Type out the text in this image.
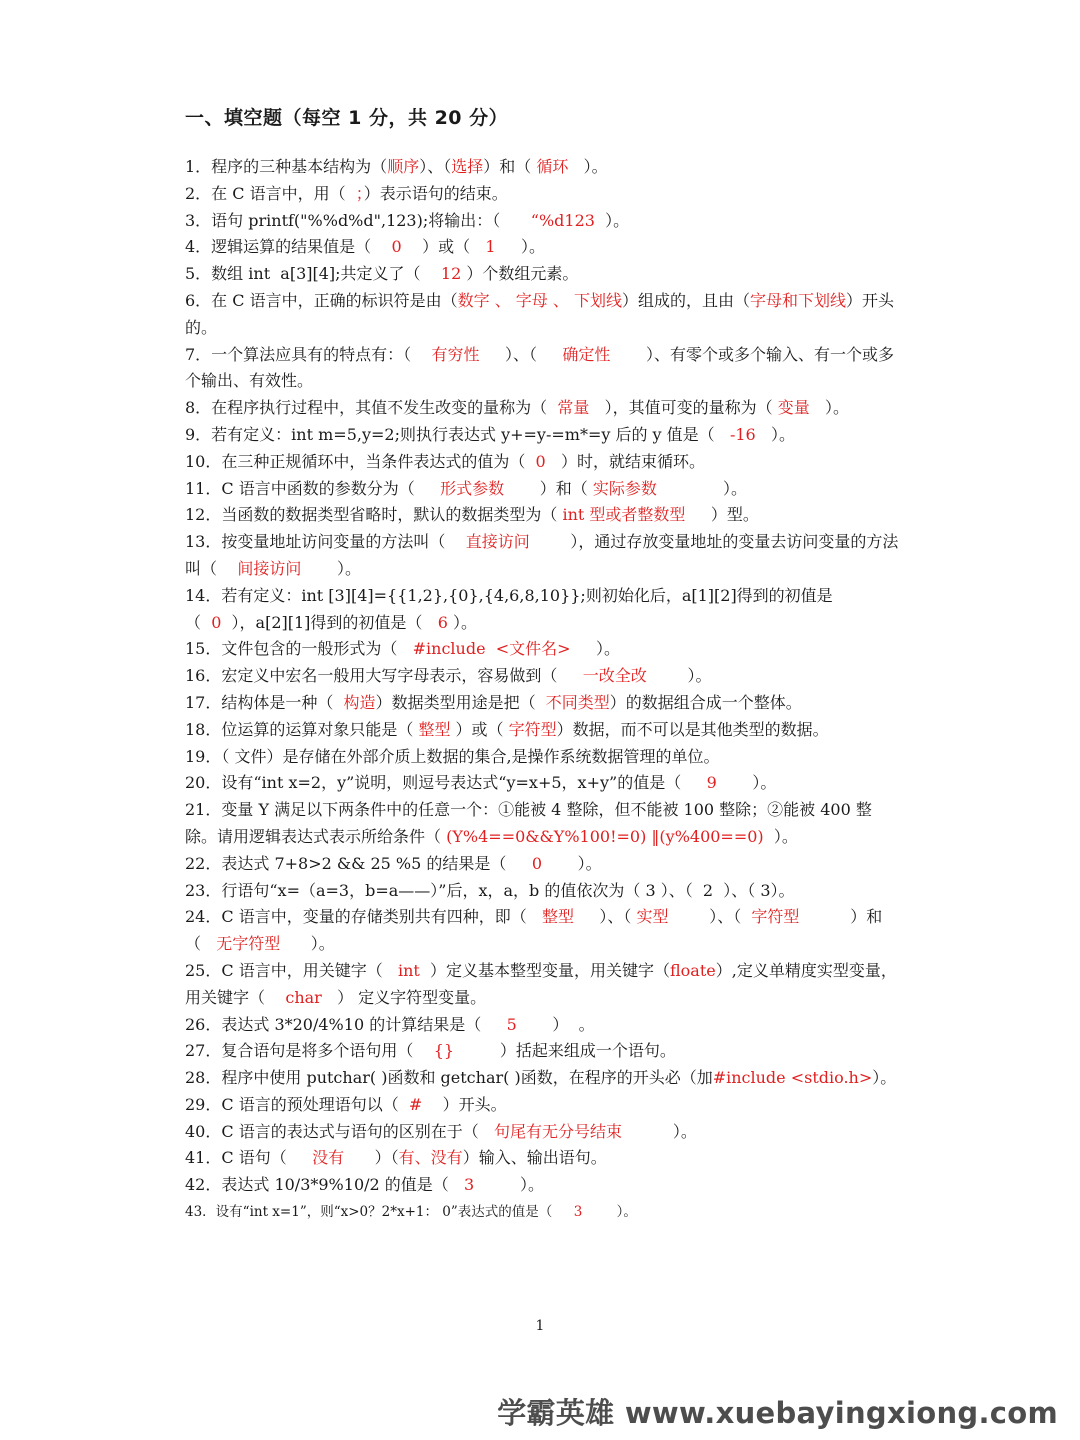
一、填空题（每空 1 分，共 20 分）
1．程序的三种基本结构为（顺序）、（选择）和（ 循环   ）。
2．在 C 语言中，用（  ；）表示语句的结束。
3．语句 printf("%%d%d",123);将输出：（      “%d123  ）。
4．逻辑运算的结果值是（    0    ）或（   1     ）。
5．数组 int  a[3][4];共定义了（    12 ）个数组元素。
6．在 C 语言中，正确的标识符是由（数字 、 字母 、 下划线）组成的，且由（字母和下划线）开头的。
7．一个算法应具有的特点有：（    有穷性     ）、（     确定性       ）、有零个或多个输入、有一个或多个输出、有效性。
8．在程序执行过程中，其值不发生改变的量称为（  常量   ），其值可变的量称为（ 变量   ）。
9．若有定义：int m=5,y=2;则执行表达式 y+=y-=m*=y 后的 y 值是（   -16   ）。
10．在三种正规循环中，当条件表达式的值为（  0   ）时，就结束循环。
11．C 语言中函数的参数分为（     形式参数       ）和（ 实际参数             ）。
12．当函数的数据类型省略时，默认的数据类型为（ int 型或者整数型     ）型。
13．按变量地址访问变量的方法叫（    直接访问        ），通过存放变量地址的变量去访问变量的方法叫（    间接访问       ）。
14．若有定义：int [3][4]={{1,2},{0},{4,6,8,10}};则初始化后，a[1][2]得到的初值是（  0  ），a[2][1]得到的初值是（   6 ）。
15．文件包含的一般形式为（   #include  <文件名>     ）。
16．宏定义中宏名一般用大写字母表示，容易做到（     一改全改        ）。
17．结构体是一种（  构造）数据类型用途是把（  不同类型）的数据组合成一个整体。
18．位运算的运算对象只能是（ 整型 ）或（ 字符型）数据，而不可以是其他类型的数据。
19．（ 文件）是存储在外部介质上数据的集合,是操作系统数据管理的单位。
20．设有“int x=2，y”说明，则逗号表达式“y=x+5，x+y”的值是（     9       ）。
21．变量 Y 满足以下两条件中的任意一个：①能被 4 整除，但不能被 100 整除；②能被 400 整除。请用逻辑表达式表示所给条件（ (Y%4==0&&Y%100!=0) ‖(y%400==0)  ）。
22．表达式 7+8>2 && 25 %5 的结果是（     0       ）。
23．行语句“x=（a=3，b=a——）”后，x，a，b 的值依次为（ 3 ）、（  2  ）、（ 3）。
24．C 语言中，变量的存储类别共有四种，即（   整型     ）、（ 实型        ）、（  字符型          ）和（   无字符型      ）。
25．C 语言中，用关键字（   int  ）定义基本整型变量，用关键字（floate）,定义单精度实型变量，用关键字（    char   ） 定义字符型变量。
26．表达式 3*20/4%10 的计算结果是（     5       ）  。
27．复合语句是将多个语句用（    {}         ）括起来组成一个语句。
28．程序中使用 putchar( )函数和 getchar( )函数，在程序的开头必（加#include <stdio.h>）。
29．C 语言的预处理语句以（  #    ）开头。
40．C 语言的表达式与语句的区别在于（   句尾有无分号结束          ）。
41．C 语句（     没有      ）（有、没有）输入、输出语句。
42．表达式 10/3*9%10/2 的值是（   3         ）。
43．设有“int x=1”，则“x>0？2*x+1： 0”表达式的值是（     3        ）。
1
学霸英雄 www.xuebayingxiong.com
